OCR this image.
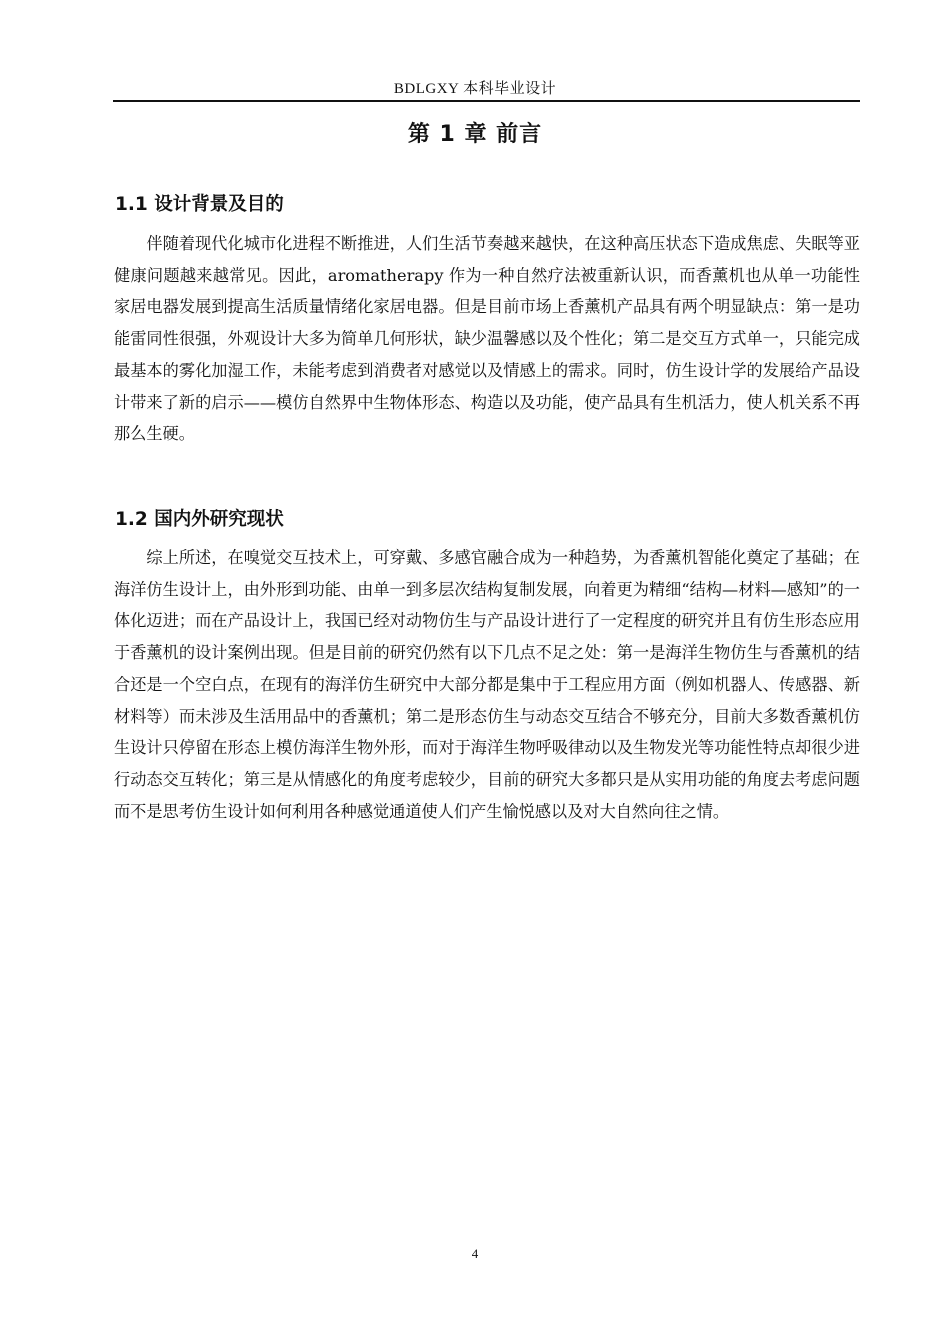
BDLGXY 本科毕业设计
第 1 章 前言
1.1 设计背景及目的

伴随着现代化城市化进程不断推进，人们生活节奏越来越快，在这种高压状态下造成焦虑、失眠等亚健康问题越来越常见。因此，aromatherapy 作为一种自然疗法被重新认识，而香薰机也从单一功能性家居电器发展到提高生活质量情绪化家居电器。但是目前市场上香薰机产品具有两个明显缺点：第一是功能雷同性很强，外观设计大多为简单几何形状，缺少温馨感以及个性化；第二是交互方式单一，只能完成最基本的雾化加湿工作，未能考虑到消费者对感觉以及情感上的需求。同时，仿生设计学的发展给产品设计带来了新的启示——模仿自然界中生物体形态、构造以及功能，使产品具有生机活力，使人机关系不再那么生硬。

1.2 国内外研究现状

综上所述，在嗅觉交互技术上，可穿戴、多感官融合成为一种趋势，为香薰机智能化奠定了基础；在海洋仿生设计上，由外形到功能、由单一到多层次结构复制发展，向着更为精细“结构—材料—感知”的一体化迈进；而在产品设计上，我国已经对动物仿生与产品设计进行了一定程度的研究并且有仿生形态应用于香薰机的设计案例出现。但是目前的研究仍然有以下几点不足之处：第一是海洋生物仿生与香薰机的结合还是一个空白点，在现有的海洋仿生研究中大部分都是集中于工程应用方面（例如机器人、传感器、新材料等）而未涉及生活用品中的香薰机；第二是形态仿生与动态交互结合不够充分，目前大多数香薰机仿生设计只停留在形态上模仿海洋生物外形，而对于海洋生物呼吸律动以及生物发光等功能性特点却很少进行动态交互转化；第三是从情感化的角度考虑较少，目前的研究大多都只是从实用功能的角度去考虑问题而不是思考仿生设计如何利用各种感觉通道使人们产生愉悦感以及对大自然向往之情。

4
